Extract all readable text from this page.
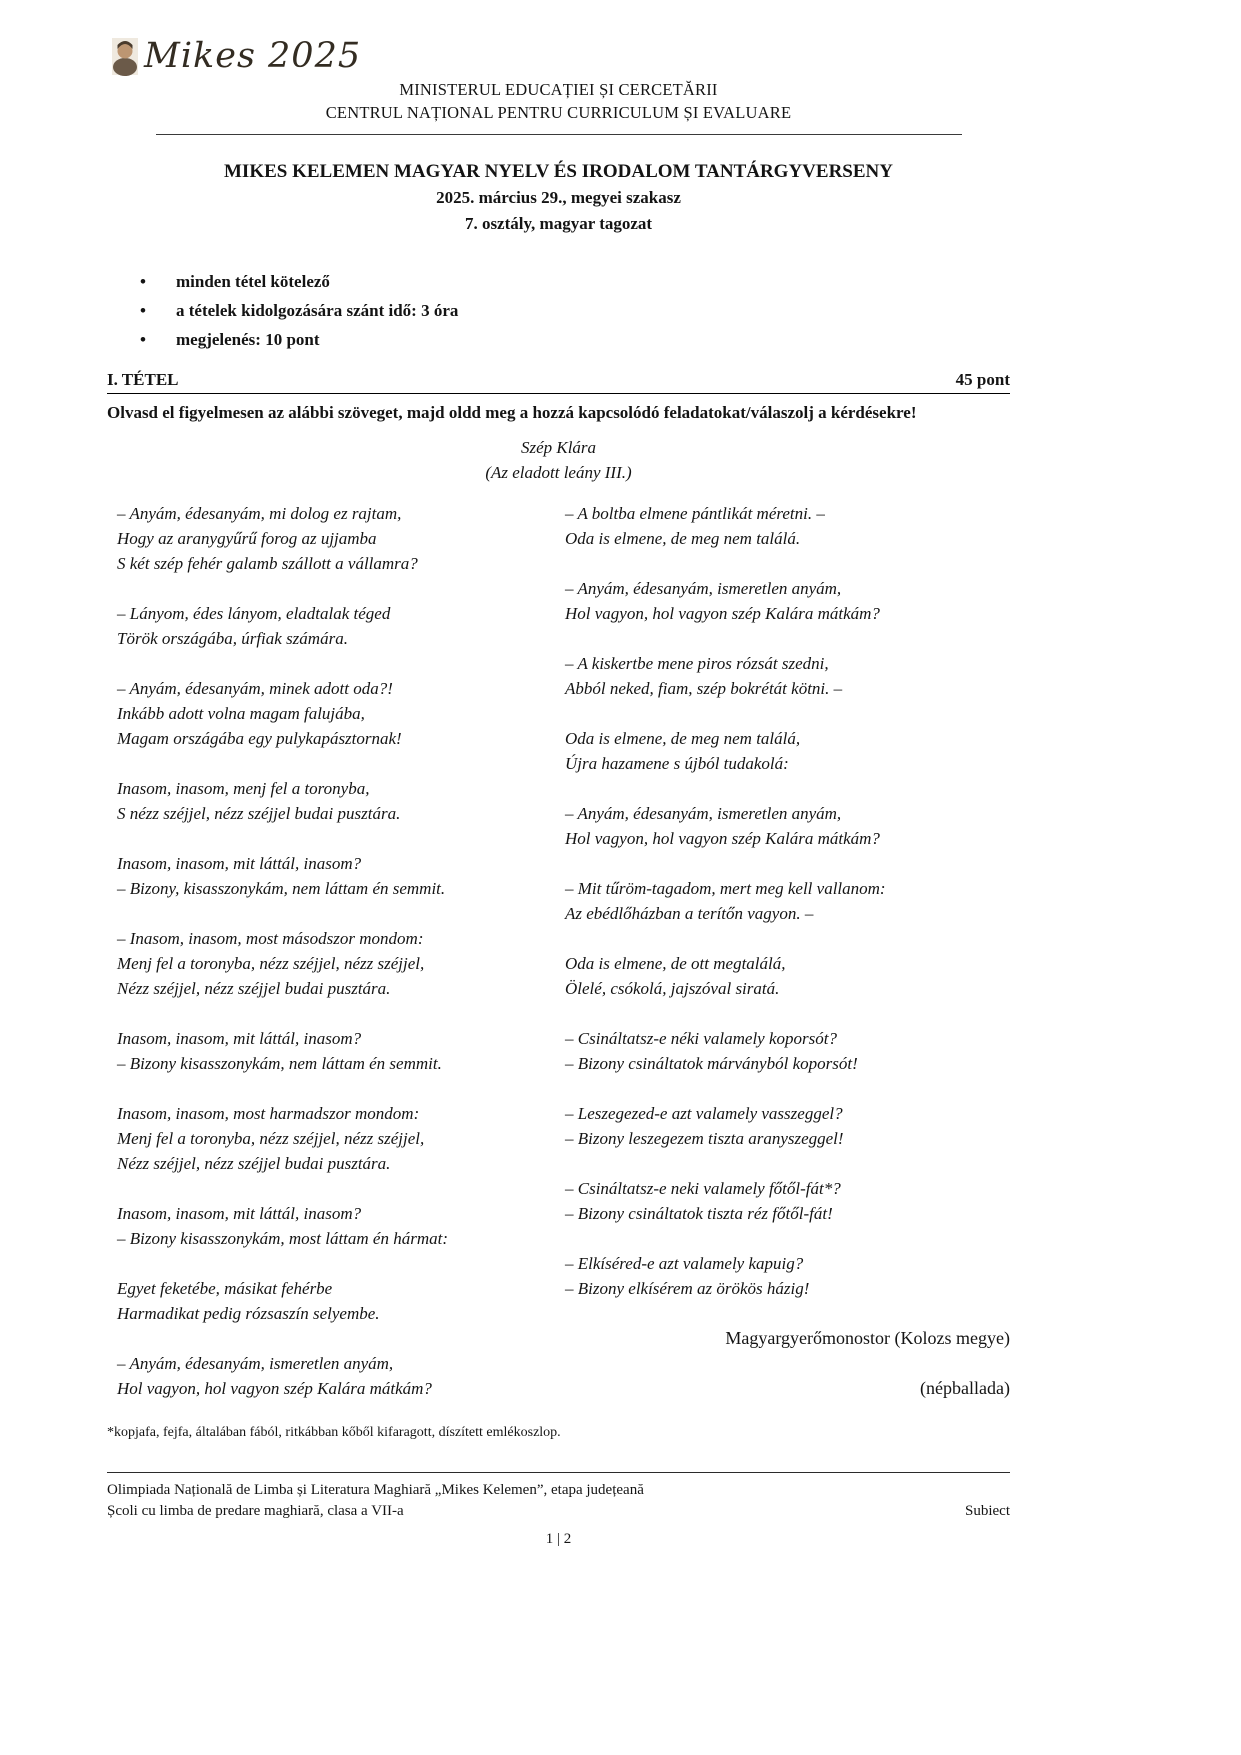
Mikes 2025
MINISTERUL EDUCAȚIEI ȘI CERCETĂRII
CENTRUL NAȚIONAL PENTRU CURRICULUM ȘI EVALUARE
MIKES KELEMEN MAGYAR NYELV ÉS IRODALOM TANTÁRGYVERSENY
2025. március 29., megyei szakasz
7. osztály, magyar tagozat
• minden tétel kötelező
• a tételek kidolgozására szánt idő: 3 óra
• megjelenés: 10 pont
I. TÉTEL	45 pont

Olvasd el figyelmesen az alábbi szöveget, majd oldd meg a hozzá kapcsolódó feladatokat/válaszolj a kérdésekre!

Szép Klára
(Az eladott leány III.)
– Anyám, édesanyám, mi dolog ez rajtam,
Hogy az aranygyűrű forog az ujjamba
S két szép fehér galamb szállott a vállamra?
– Lányom, édes lányom, eladtalak téged
Török országába, úrfiak számára.
– Anyám, édesanyám, minek adott oda?!
Inkább adott volna magam falujába,
Magam országába egy pulykapásztornak!
Inasom, inasom, menj fel a toronyba,
S nézz széjjel, nézz széjjel budai pusztára.
Inasom, inasom, mit láttál, inasom?
– Bizony, kisasszonykám, nem láttam én semmit.
– Inasom, inasom, most másodszor mondom:
Menj fel a toronyba, nézz széjjel, nézz széjjel,
Nézz széjjel, nézz széjjel budai pusztára.
Inasom, inasom, mit láttál, inasom?
– Bizony kisasszonykám, nem láttam én semmit.
Inasom, inasom, most harmadszor mondom:
Menj fel a toronyba, nézz széjjel, nézz széjjel,
Nézz széjjel, nézz széjjel budai pusztára.
Inasom, inasom, mit láttál, inasom?
– Bizony kisasszonykám, most láttam én hármat:
Egyet feketébe, másikat fehérbe
Harmadikat pedig rózsaszín selyembe.
– Anyám, édesanyám, ismeretlen anyám,
Hol vagyon, hol vagyon szép Kalára mátkám?
– A boltba elmene pántlikát méretni. –
Oda is elmene, de meg nem találá.
– Anyám, édesanyám, ismeretlen anyám,
Hol vagyon, hol vagyon szép Kalára mátkám?
– A kiskertbe mene piros rózsát szedni,
Abból neked, fiam, szép bokrétát kötni. –
Oda is elmene, de meg nem találá,
Újra hazamene s újból tudakolá:
– Anyám, édesanyám, ismeretlen anyám,
Hol vagyon, hol vagyon szép Kalára mátkám?
– Mit tűröm-tagadom, mert meg kell vallanom:
Az ebédlőházban a terítőn vagyon. –
Oda is elmene, de ott megtalálá,
Ölelé, csókolá, jajszóval siratá.
– Csináltatsz-e néki valamely koporsót?
– Bizony csináltatok márványból koporsót!
– Leszegezed-e azt valamely vasszeggel?
– Bizony leszegezem tiszta aranyszeggel!
– Csináltatsz-e neki valamely főtől-fát*?
– Bizony csináltatok tiszta réz főtől-fát!
– Elkíséred-e azt valamely kapuig?
– Bizony elkísérem az örökös házig!
Magyargyerőmonostor (Kolozs megye)
(népballada)
*kopjafa, fejfa, általában fából, ritkábban kőből kifaragott, díszített emlékoszlop.
Olimpiada Națională de Limba și Literatura Maghiară „Mikes Kelemen”, etapa județeană
Școli cu limba de predare maghiară, clasa a VII-a	Subiect
1 | 2
